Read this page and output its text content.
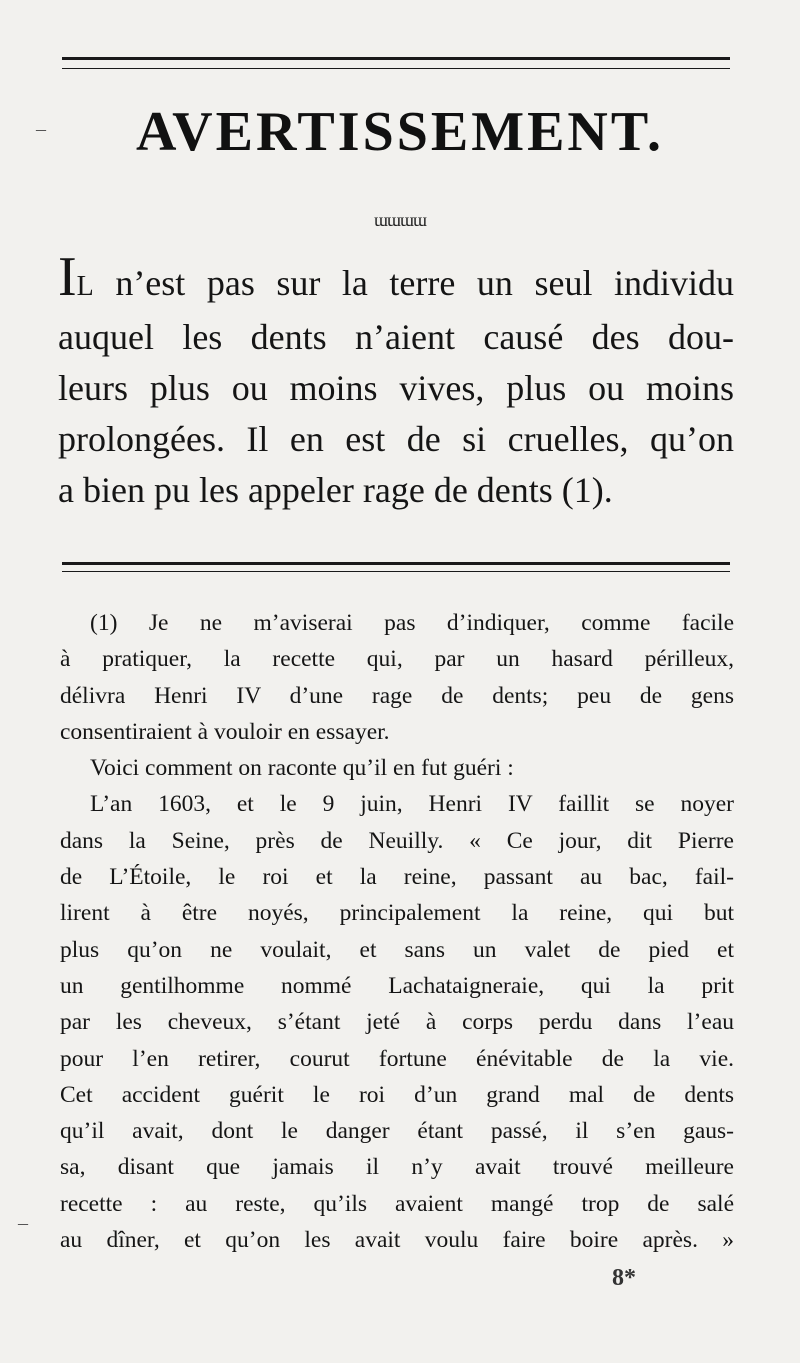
AVERTISSEMENT.
ɯɯɯɯ
IL n’est pas sur la terre un seul individu
auquel les dents n’aient causé des dou-
leurs plus ou moins vives, plus ou moins
prolongées. Il en est de si cruelles, qu’on
a bien pu les appeler rage de dents (1).
(1) Je ne m’aviserai pas d’indiquer, comme facile
à pratiquer, la recette qui, par un hasard périlleux,
délivra Henri IV d’une rage de dents; peu de gens
consentiraient à vouloir en essayer.
Voici comment on raconte qu’il en fut guéri :
L’an 1603, et le 9 juin, Henri IV faillit se noyer
dans la Seine, près de Neuilly. « Ce jour, dit Pierre
de L’Étoile, le roi et la reine, passant au bac, fail-
lirent à être noyés, principalement la reine, qui but
plus qu’on ne voulait, et sans un valet de pied et
un gentilhomme nommé Lachataigneraie, qui la prit
par les cheveux, s’étant jeté à corps perdu dans l’eau
pour l’en retirer, courut fortune énévitable de la vie.
Cet accident guérit le roi d’un grand mal de dents
qu’il avait, dont le danger étant passé, il s’en gaus-
sa, disant que jamais il n’y avait trouvé meilleure
recette : au reste, qu’ils avaient mangé trop de salé
au dîner, et qu’on les avait voulu faire boire après. »
8*
–
–
